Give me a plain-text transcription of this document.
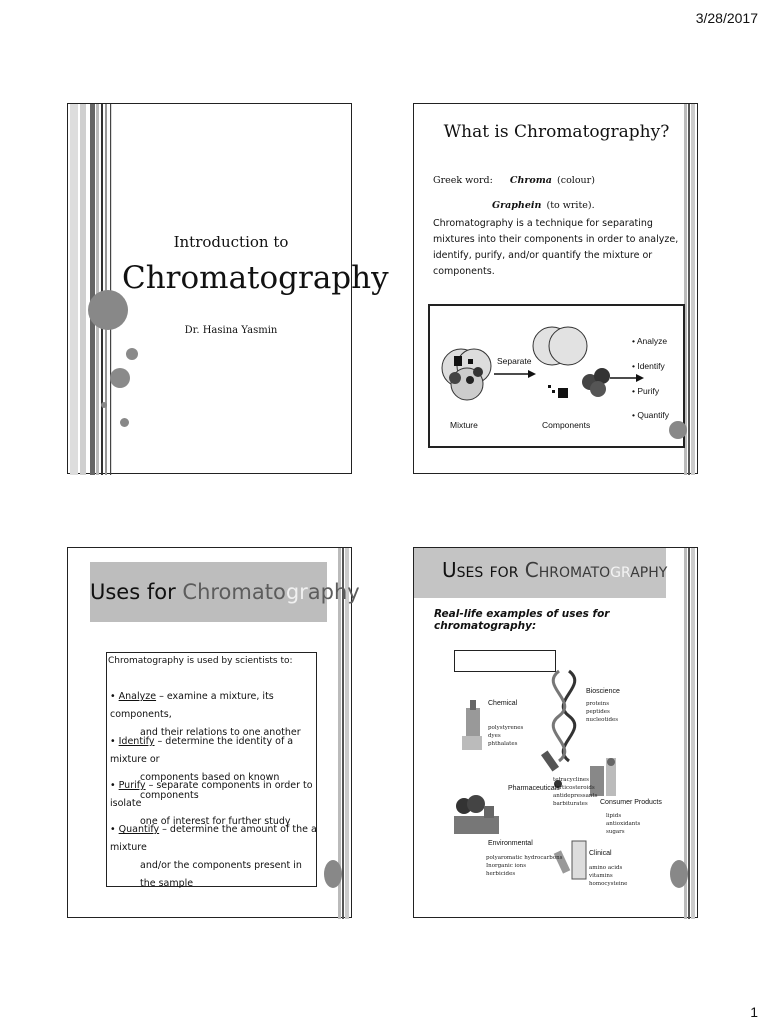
3/28/2017
Introduction to
Chromatography
Dr. Hasina Yasmin
What is Chromatography?
Greek word: Chroma (colour)
Graphein (to write).
Chromatography is a technique for separating mixtures into their components in order to analyze, identify, purify, and/or quantify the mixture or components.
Separate
Mixture	Components
• Analyze
• Identify
• Purify
• Quantify
Uses for Chromatography
Chromatography is used by scientists to:
• Analyze – examine a mixture, its components,
and their relations to one another
• Identify – determine the identity of a mixture or
components based on known components
• Purify – separate components in order to isolate
one of interest for further study
• Quantify – determine the amount of the a mixture
and/or the components present in the sample
Uses for Chromatography
Real-life examples of uses for chromatography:
Chemical
polystyrenes
dyes
phthalates
Bioscience
proteins
peptides
nucleotides
Pharmaceuticals
tetracyclines
corticosteroids
antidepressants
barbiturates	Consumer Products
lipids
antioxidants
sugars
Environmental
polyaromatic hydrocarbons
Inorganic ions
herbicides
Clinical
amino acids
vitamins
homocysteine
1
